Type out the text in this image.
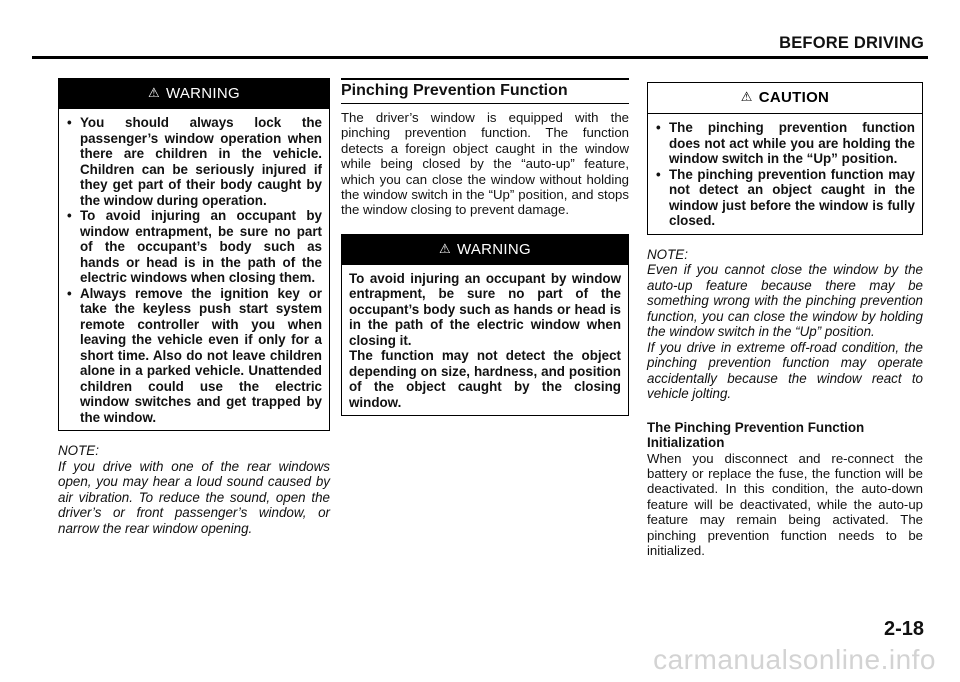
BEFORE DRIVING
⚠ WARNING
• You should always lock the passenger’s window operation when there are children in the vehicle. Children can be seriously injured if they get part of their body caught by the window during operation.
• To avoid injuring an occupant by window entrapment, be sure no part of the occupant’s body such as hands or head is in the path of the electric windows when closing them.
• Always remove the ignition key or take the keyless push start system remote controller with you when leaving the vehicle even if only for a short time. Also do not leave children alone in a parked vehicle. Unattended children could use the electric window switches and get trapped by the window.

NOTE:

If you drive with one of the rear windows open, you may hear a loud sound caused by air vibration. To reduce the sound, open the driver’s or front passenger’s window, or narrow the rear window opening.

Pinching Prevention Function

The driver’s window is equipped with the pinching prevention function. The function detects a foreign object caught in the window while being closed by the “auto-up” feature, which you can close the window without holding the window switch in the “Up” position, and stops the window closing to prevent damage.

⚠ WARNING

To avoid injuring an occupant by window entrapment, be sure no part of the occupant’s body such as hands or head is in the path of the electric window when closing it.

The function may not detect the object depending on size, hardness, and position of the object caught by the closing window.

⚠ CAUTION
• The pinching prevention function does not act while you are holding the window switch in the “Up” position.
• The pinching prevention function may not detect an object caught in the window just before the window is fully closed.

NOTE:

Even if you cannot close the window by the auto-up feature because there may be something wrong with the pinching prevention function, you can close the window by holding the window switch in the “Up” position.

If you drive in extreme off-road condition, the pinching prevention function may operate accidentally because the window react to vehicle jolting.

The Pinching Prevention Function Initialization

When you disconnect and re-connect the battery or replace the fuse, the function will be deactivated. In this condition, the auto-down feature will be deactivated, while the auto-up feature may remain being activated. The pinching prevention function needs to be initialized.

2-18
carmanualsonline.info
